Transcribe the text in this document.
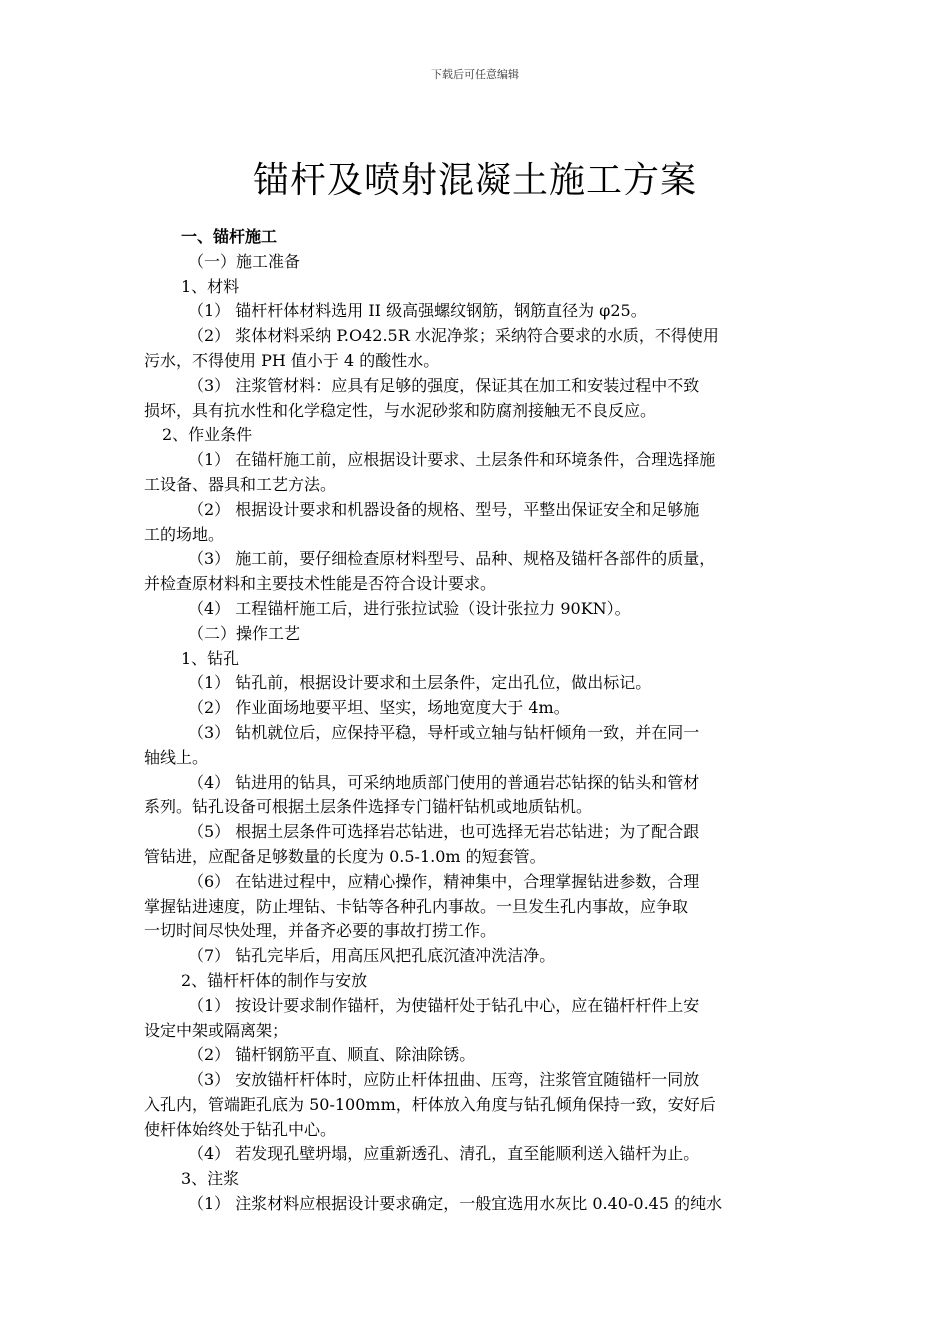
下载后可任意编辑
锚杆及喷射混凝土施工方案
一、锚杆施工
（一）施工准备
1、材料
（1） 锚杆杆体材料选用 II 级高强螺纹钢筋，钢筋直径为 φ25。
（2） 浆体材料采纳 P.O42.5R 水泥净浆；采纳符合要求的水质，不得使用
污水，不得使用 PH 值小于 4 的酸性水。
（3） 注浆管材料：应具有足够的强度，保证其在加工和安装过程中不致
损坏，具有抗水性和化学稳定性，与水泥砂浆和防腐剂接触无不良反应。
2、作业条件
（1） 在锚杆施工前，应根据设计要求、土层条件和环境条件，合理选择施
工设备、器具和工艺方法。
（2） 根据设计要求和机器设备的规格、型号，平整出保证安全和足够施
工的场地。
（3） 施工前，要仔细检查原材料型号、品种、规格及锚杆各部件的质量，
并检查原材料和主要技术性能是否符合设计要求。
（4） 工程锚杆施工后，进行张拉试验（设计张拉力 90KN）。
（二）操作工艺
1、钻孔
（1） 钻孔前，根据设计要求和土层条件，定出孔位，做出标记。
（2） 作业面场地要平坦、坚实，场地宽度大于 4m。
（3） 钻机就位后，应保持平稳，导杆或立轴与钻杆倾角一致，并在同一
轴线上。
（4） 钻进用的钻具，可采纳地质部门使用的普通岩芯钻探的钻头和管材
系列。钻孔设备可根据土层条件选择专门锚杆钻机或地质钻机。
（5） 根据土层条件可选择岩芯钻进，也可选择无岩芯钻进；为了配合跟
管钻进，应配备足够数量的长度为 0.5-1.0m 的短套管。
（6） 在钻进过程中，应精心操作，精神集中，合理掌握钻进参数，合理
掌握钻进速度，防止埋钻、卡钻等各种孔内事故。一旦发生孔内事故，应争取
一切时间尽快处理，并备齐必要的事故打捞工作。
（7） 钻孔完毕后，用高压风把孔底沉渣冲洗洁净。
2、锚杆杆体的制作与安放
（1） 按设计要求制作锚杆，为使锚杆处于钻孔中心，应在锚杆杆件上安
设定中架或隔离架；
（2） 锚杆钢筋平直、顺直、除油除锈。
（3） 安放锚杆杆体时，应防止杆体扭曲、压弯，注浆管宜随锚杆一同放
入孔内，管端距孔底为 50-100mm，杆体放入角度与钻孔倾角保持一致，安好后
使杆体始终处于钻孔中心。
（4） 若发现孔壁坍塌，应重新透孔、清孔，直至能顺利送入锚杆为止。
3、注浆
（1） 注浆材料应根据设计要求确定，一般宜选用水灰比 0.40-0.45 的纯水
